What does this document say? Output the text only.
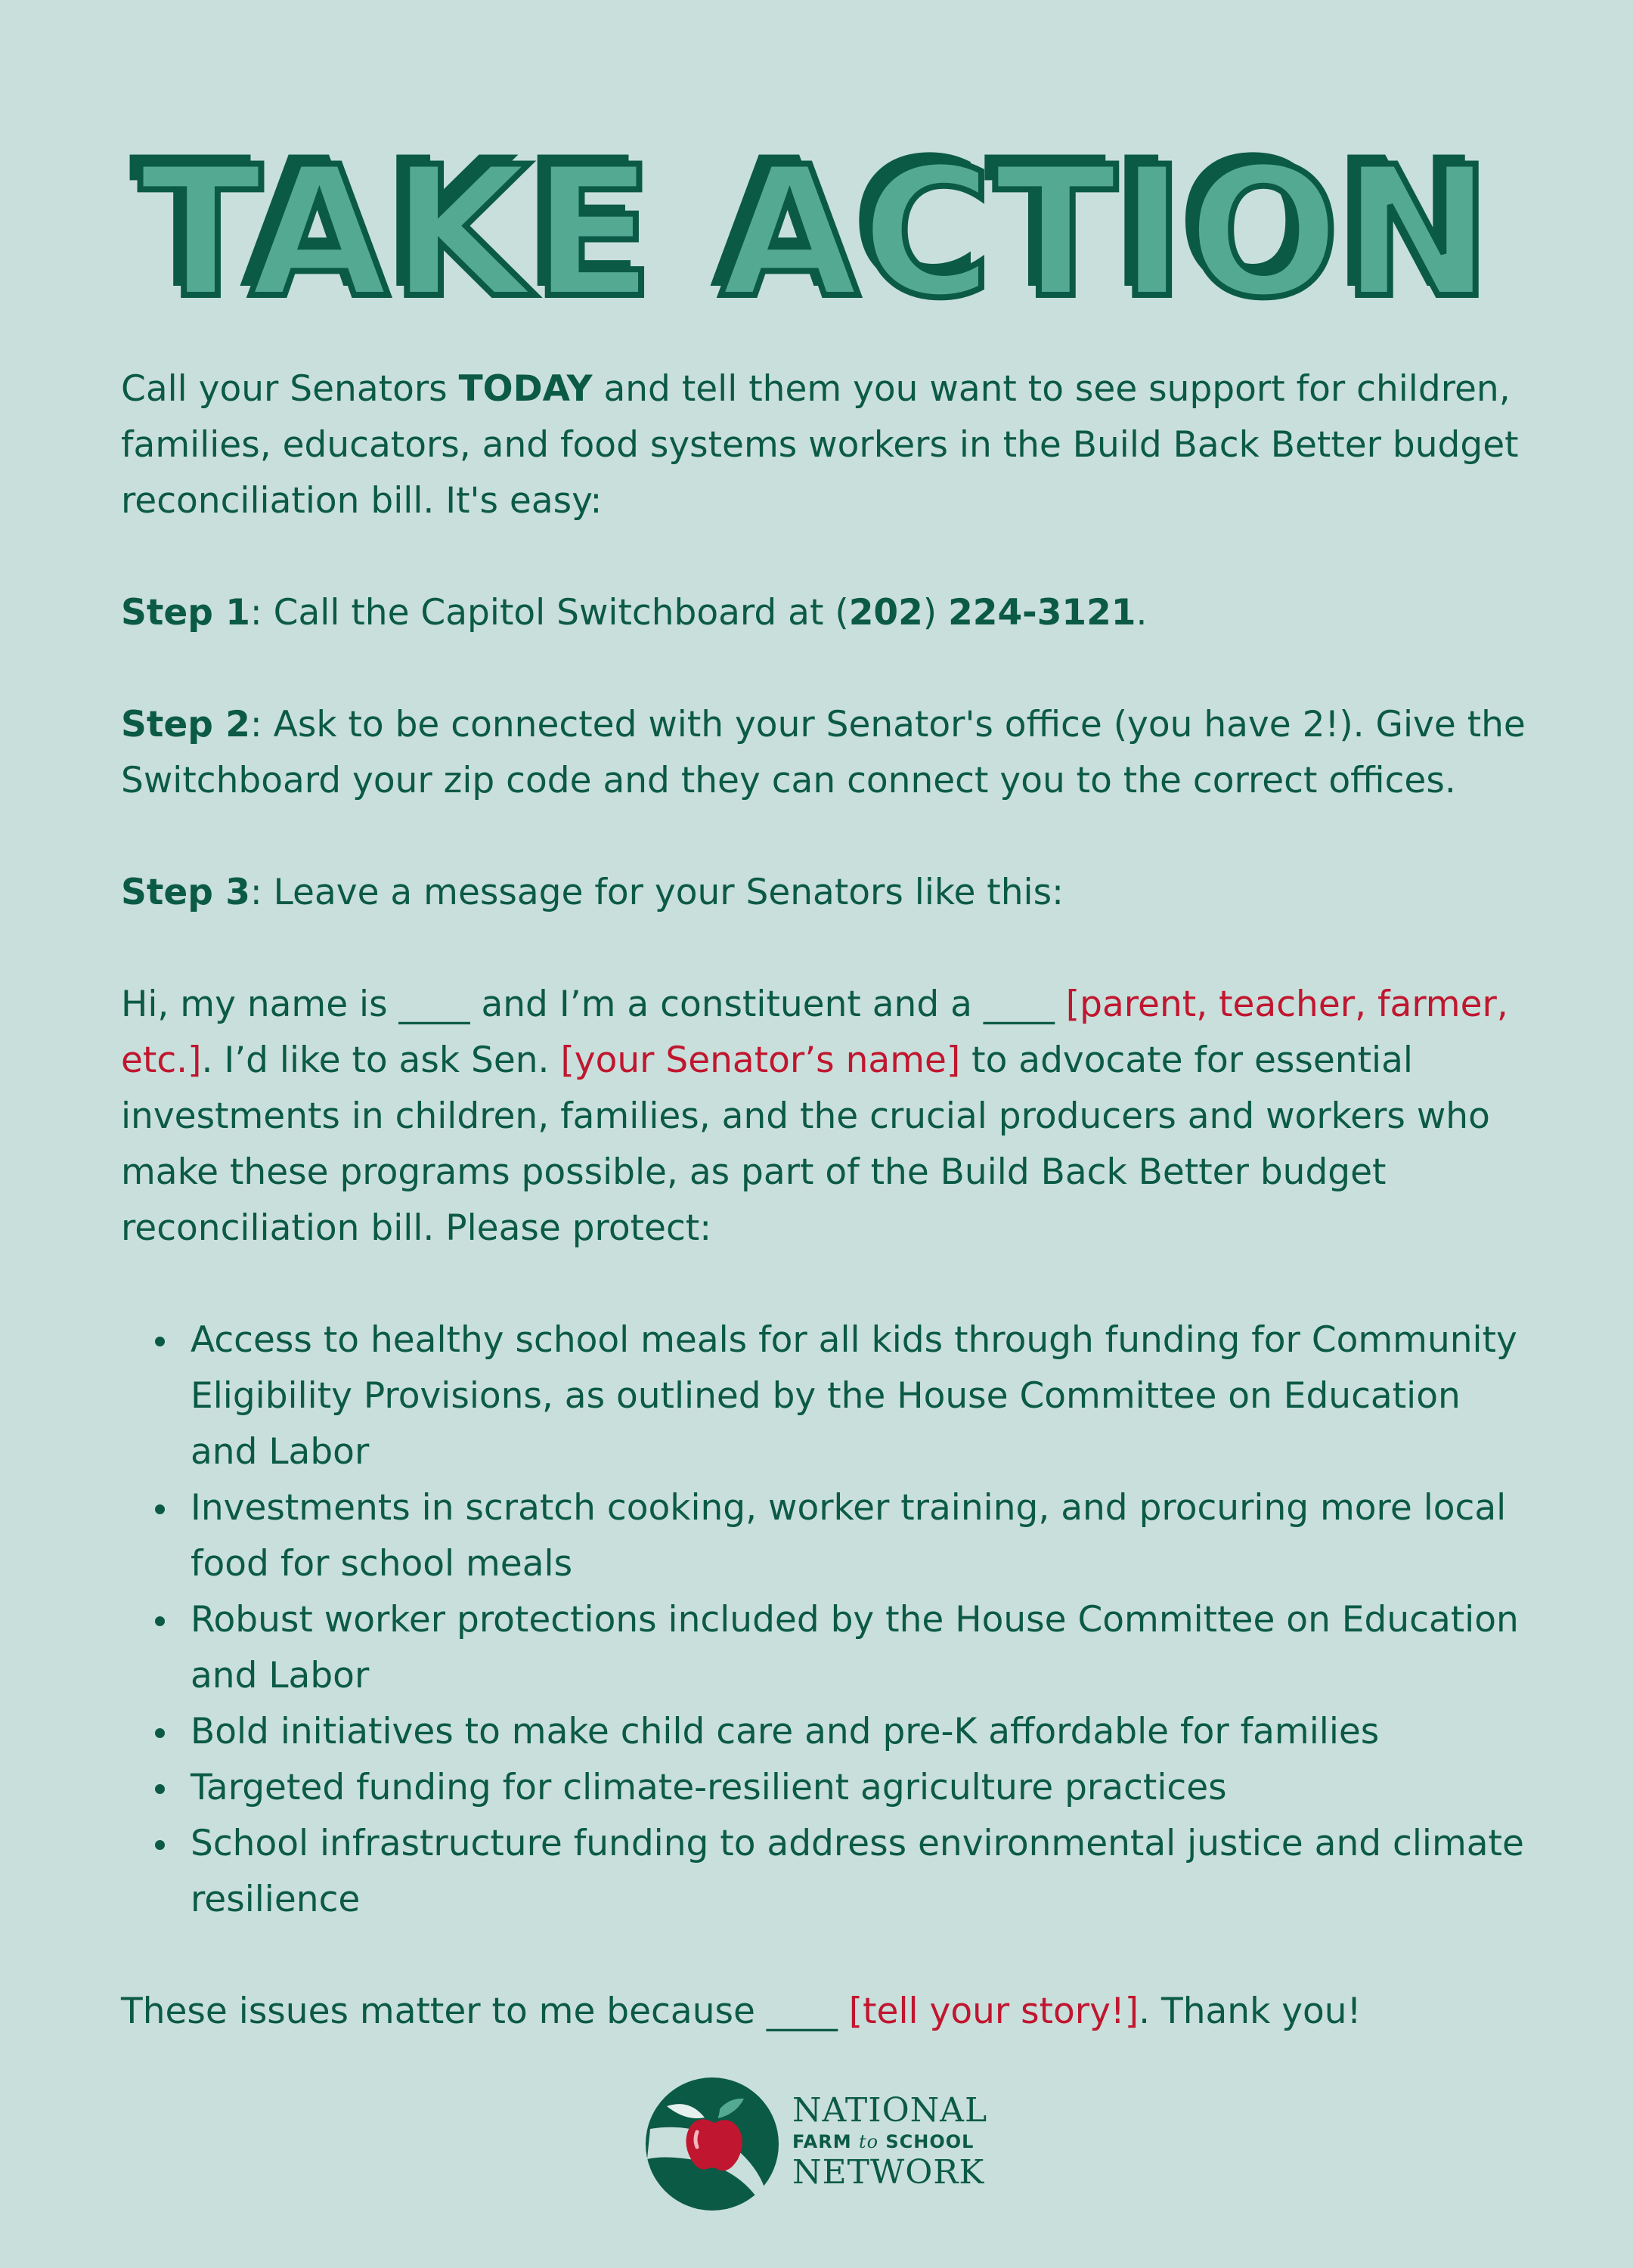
TAKE ACTION

Call your Senators TODAY and tell them you want to see support for children, families, educators, and food systems workers in the Build Back Better budget reconciliation bill. It's easy:

Step 1: Call the Capitol Switchboard at (202) 224-3121.

Step 2: Ask to be connected with your Senator's office (you have 2!). Give the Switchboard your zip code and they can connect you to the correct offices.

Step 3: Leave a message for your Senators like this:

Hi, my name is ____ and I’m a constituent and a ____ [parent, teacher, farmer, etc.]. I’d like to ask Sen. [your Senator’s name] to advocate for essential investments in children, families, and the crucial producers and workers who make these programs possible, as part of the Build Back Better budget reconciliation bill. Please protect:

Access to healthy school meals for all kids through funding for Community Eligibility Provisions, as outlined by the House Committee on Education and Labor
Investments in scratch cooking, worker training, and procuring more local food for school meals
Robust worker protections included by the House Committee on Education and Labor
Bold initiatives to make child care and pre-K affordable for families
Targeted funding for climate-resilient agriculture practices
School infrastructure funding to address environmental justice and climate resilience

These issues matter to me because ____ [tell your story!]. Thank you!

NATIONAL
FARM to SCHOOL
NETWORK
